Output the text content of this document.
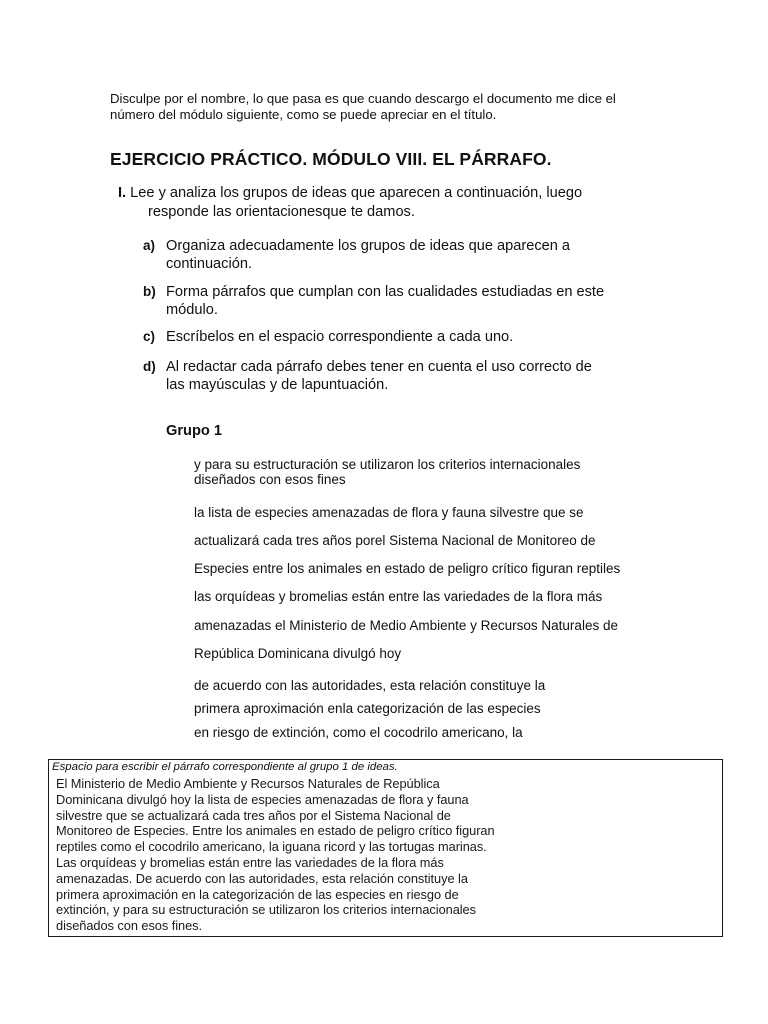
Disculpe por el nombre, lo que pasa es que cuando descargo el documento me dice el
número del módulo siguiente, como se puede apreciar en el título.
EJERCICIO PRÁCTICO. MÓDULO VIII. EL PÁRRAFO.
I. Lee y analiza los grupos de ideas que aparecen a continuación, luego
responde las orientacionesque te damos.
a) Organiza adecuadamente los grupos de ideas que aparecen a
continuación.
b) Forma párrafos que cumplan con las cualidades estudiadas en este
módulo.
c) Escríbelos en el espacio correspondiente a cada uno.
d) Al redactar cada párrafo debes tener en cuenta el uso correcto de
las mayúsculas y de lapuntuación.
Grupo 1
y para su estructuración se utilizaron los criterios internacionales
diseñados con esos fines
la lista de especies amenazadas de flora y fauna silvestre que se
actualizará cada tres años porel Sistema Nacional de Monitoreo de
Especies entre los animales en estado de peligro crítico figuran reptiles
las orquídeas y bromelias están entre las variedades de la flora más
amenazadas el Ministerio de Medio Ambiente y Recursos Naturales de
República Dominicana divulgó hoy
de acuerdo con las autoridades, esta relación constituye la
primera aproximación enla categorización de las especies
en riesgo de extinción, como el cocodrilo americano, la
Espacio para escribir el párrafo correspondiente al grupo 1 de ideas.
El Ministerio de Medio Ambiente y Recursos Naturales de República
Dominicana divulgó hoy la lista de especies amenazadas de flora y fauna
silvestre que se actualizará cada tres años por el Sistema Nacional de
Monitoreo de Especies. Entre los animales en estado de peligro crítico figuran
reptiles como el cocodrilo americano, la iguana ricord y las tortugas marinas.
Las orquídeas y bromelias están entre las variedades de la flora más
amenazadas. De acuerdo con las autoridades, esta relación constituye la
primera aproximación en la categorización de las especies en riesgo de
extinción, y para su estructuración se utilizaron los criterios internacionales
diseñados con esos fines.
